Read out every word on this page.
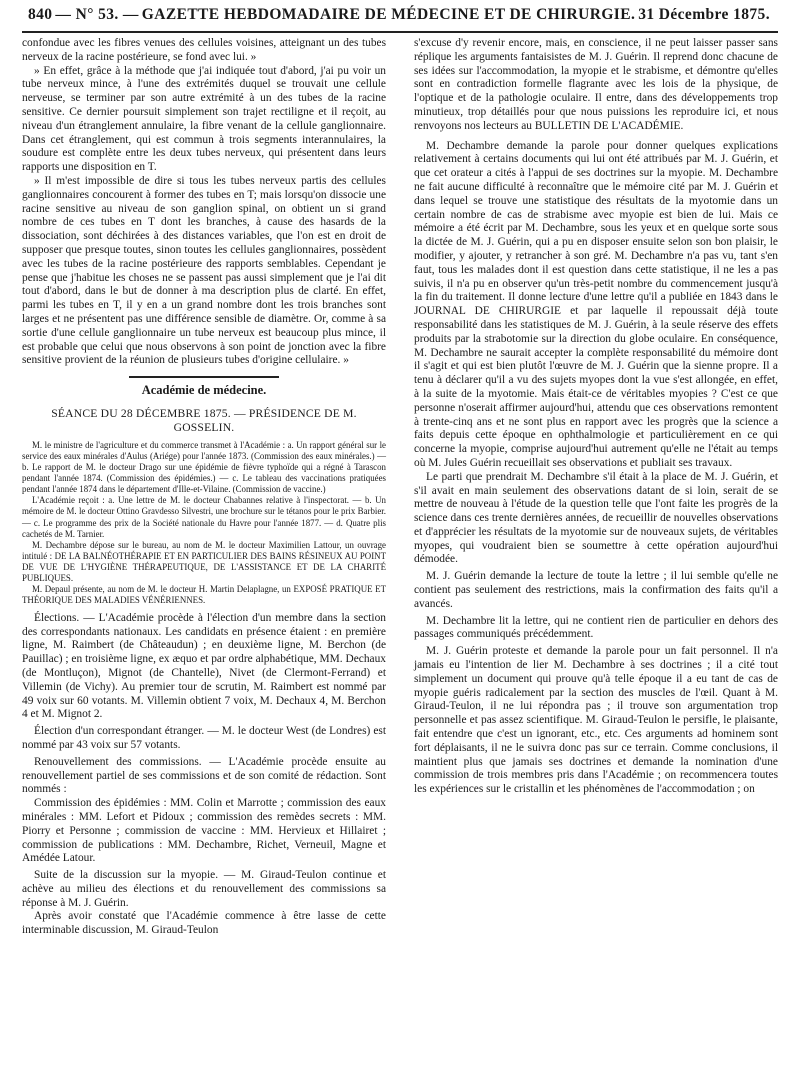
840 — N° 53. — GAZETTE HEBDOMADAIRE DE MÉDECINE ET DE CHIRURGIE. 31 Décembre 1875.

confondue avec les fibres venues des cellules voisines, atteignant un des tubes nerveux de la racine postérieure, se fond avec lui. »

» En effet, grâce à la méthode que j'ai indiquée tout d'abord, j'ai pu voir un tube nerveux mince, à l'une des extrémités duquel se trouvait une cellule nerveuse, se terminer par son autre extrémité à un des tubes de la racine sensitive. Ce dernier poursuit simplement son trajet rectiligne et il reçoit, au niveau d'un étranglement annulaire, la fibre venant de la cellule ganglionnaire. Dans cet étranglement, qui est commun à trois segments interannulaires, la soudure est complète entre les deux tubes nerveux, qui présentent dans leurs rapports une disposition en T.

» Il m'est impossible de dire si tous les tubes nerveux partis des cellules ganglionnaires concourent à former des tubes en T; mais lorsqu'on dissocie une racine sensitive au niveau de son ganglion spinal, on obtient un si grand nombre de ces tubes en T dont les branches, à cause des hasards de la dissociation, sont déchirées à des distances variables, que l'on est en droit de supposer que presque toutes, sinon toutes les cellules ganglionnaires, possèdent avec les tubes de la racine postérieure des rapports semblables. Cependant je pense que j'habitue les choses ne se passent pas aussi simplement que je l'ai dit tout d'abord, dans le but de donner à ma description plus de clarté. En effet, parmi les tubes en T, il y en a un grand nombre dont les trois branches sont larges et ne présentent pas une différence sensible de diamètre. Or, comme à sa sortie d'une cellule ganglionnaire un tube nerveux est beaucoup plus mince, il est probable que celui que nous observons à son point de jonction avec la fibre sensitive provient de la réunion de plusieurs tubes d'origine cellulaire. »

Académie de médecine.
SÉANCE DU 28 DÉCEMBRE 1875. — PRÉSIDENCE DE M. GOSSELIN.

M. le ministre de l'agriculture et du commerce transmet à l'Académie : a. Un rapport général sur le service des eaux minérales d'Aulus (Ariége) pour l'année 1873. (Commission des eaux minérales.) — b. Le rapport de M. le docteur Drago sur une épidémie de fièvre typhoïde qui a régné à Tarascon pendant l'année 1874. (Commission des épidémies.) — c. Le tableau des vaccinations pratiquées pendant l'année 1874 dans le département d'Ille-et-Vilaine. (Commission de vaccine.)

L'Académie reçoit : a. Une lettre de M. le docteur Chabannes relative à l'inspectorat. — b. Un mémoire de M. le docteur Ottino Gravdesso Silvestri, une brochure sur le tétanos pour le prix Barbier. — c. Le programme des prix de la Société nationale du Havre pour l'année 1877. — d. Quatre plis cachetés de M. Tarnier.

M. Dechambre dépose sur le bureau, au nom de M. le docteur Maximilien Lattour, un ouvrage intitulé : DE LA BALNÉOTHÉRAPIE ET EN PARTICULIER DES BAINS RÉSINEUX AU POINT DE VUE DE L'HYGIÈNE THÉRAPEUTIQUE, DE L'ASSISTANCE ET DE LA CHARITÉ PUBLIQUES.

M. Depaul présente, au nom de M. le docteur H. Martin Delaplagne, un EXPOSÉ PRATIQUE ET THÉORIQUE DES MALADIES VÉNÉRIENNES.

Élections. — L'Académie procède à l'élection d'un membre dans la section des correspondants nationaux. Les candidats en présence étaient : en première ligne, M. Raimbert (de Châteaudun) ; en deuxième ligne, M. Berchon (de Pauillac) ; en troisième ligne, ex æquo et par ordre alphabétique, MM. Dechaux (de Montluçon), Mignot (de Chantelle), Nivet (de Clermont-Ferrand) et Villemin (de Vichy). Au premier tour de scrutin, M. Raimbert est nommé par 49 voix sur 60 votants. M. Villemin obtient 7 voix, M. Dechaux 4, M. Berchon 4 et M. Mignot 2.

Élection d'un correspondant étranger. — M. le docteur West (de Londres) est nommé par 43 voix sur 57 votants.

Renouvellement des commissions. — L'Académie procède ensuite au renouvellement partiel de ses commissions et de son comité de rédaction. Sont nommés :

Commission des épidémies : MM. Colin et Marrotte ; commission des eaux minérales : MM. Lefort et Pidoux ; commission des remèdes secrets : MM. Piorry et Personne ; commission de vaccine : MM. Hervieux et Hillairet ; commission de publications : MM. Dechambre, Richet, Verneuil, Magne et Amédée Latour.

Suite de la discussion sur la myopie. — M. Giraud-Teulon continue et achève au milieu des élections et du renouvellement des commissions sa réponse à M. J. Guérin.

Après avoir constaté que l'Académie commence à être lasse de cette interminable discussion, M. Giraud-Teulon

s'excuse d'y revenir encore, mais, en conscience, il ne peut laisser passer sans réplique les arguments fantaisistes de M. J. Guérin. Il reprend donc chacune de ses idées sur l'accommodation, la myopie et le strabisme, et démontre qu'elles sont en contradiction formelle flagrante avec les lois de la physique, de l'optique et de la pathologie oculaire. Il entre, dans des développements trop minutieux, trop détaillés pour que nous puissions les reproduire ici, et nous renvoyons nos lecteurs au BULLETIN DE L'ACADÉMIE.

M. Dechambre demande la parole pour donner quelques explications relativement à certains documents qui lui ont été attribués par M. J. Guérin, et que cet orateur a cités à l'appui de ses doctrines sur la myopie. M. Dechambre ne fait aucune difficulté à reconnaître que le mémoire cité par M. J. Guérin et dans lequel se trouve une statistique des résultats de la myotomie dans un certain nombre de cas de strabisme avec myopie est bien de lui. Mais ce mémoire a été écrit par M. Dechambre, sous les yeux et en quelque sorte sous la dictée de M. J. Guérin, qui a pu en disposer ensuite selon son bon plaisir, le modifier, y ajouter, y retrancher à son gré. M. Dechambre n'a pas vu, tant s'en faut, tous les malades dont il est question dans cette statistique, il ne les a pas suivis, il n'a pu en observer qu'un très-petit nombre du commencement jusqu'à la fin du traitement. Il donne lecture d'une lettre qu'il a publiée en 1843 dans le JOURNAL DE CHIRURGIE et par laquelle il repoussait déjà toute responsabilité dans les statistiques de M. J. Guérin, à la seule réserve des effets produits par la strabotomie sur la direction du globe oculaire. En conséquence, M. Dechambre ne saurait accepter la complète responsabilité du mémoire dont il s'agit et qui est bien plutôt l'œuvre de M. J. Guérin que la sienne propre. Il a tenu à déclarer qu'il a vu des sujets myopes dont la vue s'est allongée, en effet, à la suite de la myotomie. Mais était-ce de véritables myopies ? C'est ce que personne n'oserait affirmer aujourd'hui, attendu que ces observations remontent à trente-cinq ans et ne sont plus en rapport avec les progrès que la science a faits depuis cette époque en ophthalmologie et particulièrement en ce qui concerne la myopie, comprise aujourd'hui autrement qu'elle ne l'était au temps où M. Jules Guérin recueillait ses observations et publiait ses travaux.

Le parti que prendrait M. Dechambre s'il était à la place de M. J. Guérin, et s'il avait en main seulement des observations datant de si loin, serait de se mettre de nouveau à l'étude de la question telle que l'ont faite les progrès de la science dans ces trente dernières années, de recueillir de nouvelles observations et d'apprécier les résultats de la myotomie sur de nouveaux sujets, de véritables myopes, qui voudraient bien se soumettre à cette opération aujourd'hui démodée.

M. J. Guérin demande la lecture de toute la lettre ; il lui semble qu'elle ne contient pas seulement des restrictions, mais la confirmation des faits qu'il a avancés.

M. Dechambre lit la lettre, qui ne contient rien de particulier en dehors des passages communiqués précédemment.

M. J. Guérin proteste et demande la parole pour un fait personnel. Il n'a jamais eu l'intention de lier M. Dechambre à ses doctrines ; il a cité tout simplement un document qui prouve qu'à telle époque il a eu tant de cas de myopie guéris radicalement par la section des muscles de l'œil. Quant à M. Giraud-Teulon, il ne lui répondra pas ; il trouve son argumentation trop personnelle et pas assez scientifique. M. Giraud-Teulon le persifle, le plaisante, fait entendre que c'est un ignorant, etc., etc. Ces arguments ad hominem sont fort déplaisants, il ne le suivra donc pas sur ce terrain. Comme conclusions, il maintient plus que jamais ses doctrines et demande la nomination d'une commission de trois membres pris dans l'Académie ; on recommencera toutes les expériences sur le cristallin et les phénomènes de l'accommodation ; on
